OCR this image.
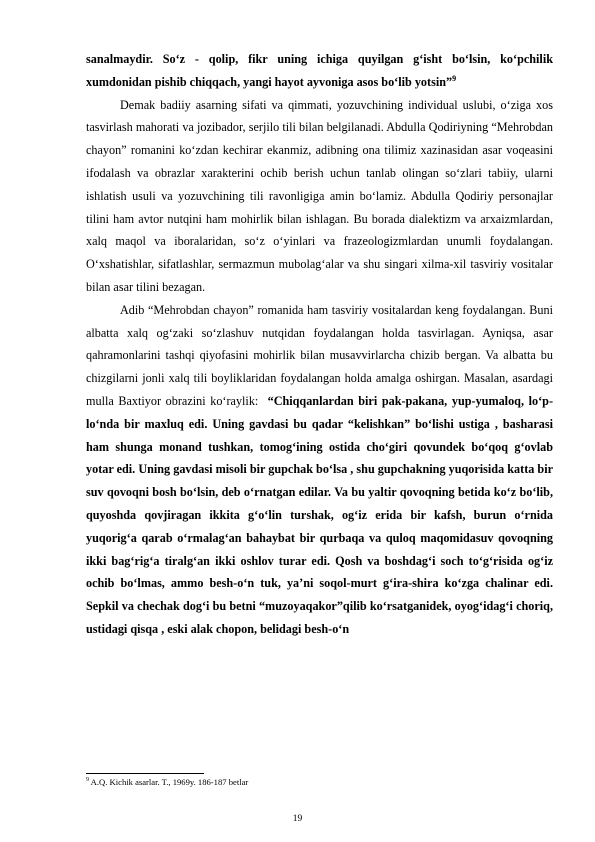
sanalmaydir. So‘z - qolip, fikr uning ichiga quyilgan g‘isht bo‘lsin, ko‘pchilik xumdonidan pishib chiqqach, yangi hayot ayvoniga asos bo‘lib yotsin”$^9$

Demak badiiy asarning sifati va qimmati, yozuvchining individual uslubi, o‘ziga xos tasvirlash mahorati va jozibador, serjilo tili bilan belgilanadi. Abdulla Qodiriyning “Mehrobdan chayon” romanini ko‘zdan kechirar ekanmiz, adibning ona tilimiz xazinasidan asar voqeasini ifodalash va obrazlar xarakterini ochib berish uchun tanlab olingan so‘zlari tabiiy, ularni ishlatish usuli va yozuvchining tili ravonligiga amin bo‘lamiz. Abdulla Qodiriy personajlar tilini ham avtor nutqini ham mohirlik bilan ishlagan. Bu borada dialektizm va arxaizmlardan, xalq maqol va iboralaridan, so‘z o‘yinlari va frazeologizmlardan unumli foydalangan. O‘xshatishlar, sifatlashlar, sermazmun mubolag‘alar va shu singari xilma-xil tasviriy vositalar bilan asar tilini bezagan.

Adib “Mehrobdan chayon” romanida ham tasviriy vositalardan keng foydalangan. Buni albatta xalq og‘zaki so‘zlashuv nutqidan foydalangan holda tasvirlagan. Ayniqsa, asar qahramonlarini tashqi qiyofasini mohirlik bilan musavvirlarcha chizib bergan. Va albatta bu chizgilarni jonli xalq tili boyliklaridan foydalangan holda amalga oshirgan. Masalan, asardagi mulla Baxtiyor obrazini ko‘raylik: “Chiqqanlardan biri pak-pakana, yup-yumaloq, lo‘p-lo‘nda bir maxluq edi. Uning gavdasi bu qadar “kelishkan” bo‘lishi ustiga , basharasi ham shunga monand tushkan, tomog‘ining ostida cho‘giri qovundek bo‘qoq g‘ovlab yotar edi. Uning gavdasi misoli bir gupchak bo‘lsa , shu gupchakning yuqorisida katta bir suv qovoqni bosh bo‘lsin, deb o‘rnatgan edilar. Va bu yaltir qovoqning betida ko‘z bo‘lib, quyoshda qovjiragan ikkita g‘o‘lin turshak, og‘iz erida bir kafsh, burun o‘rnida yuqorig‘a qarab o‘rmalag‘an bahaybat bir qurbaqa va quloq maqomidasuv qovoqning ikki bag‘rig‘a tiralg‘an ikki oshlov turar edi. Qosh va boshdag‘i soch to‘g‘risida og‘iz ochib bo‘lmas, ammo besh-o‘n tuk, ya’ni soqol-murt g‘ira-shira ko‘zga chalinar edi. Sepkil va chechak dog‘i bu betni “muzoyaqakor”qilib ko‘rsatganidek, oyog‘idag‘i choriq, ustidagi qisqa , eski alak chopon, belidagi besh-o‘n

$^9$ A.Q. Kichik asarlar. T., 1969y. 186-187 betlar
19
